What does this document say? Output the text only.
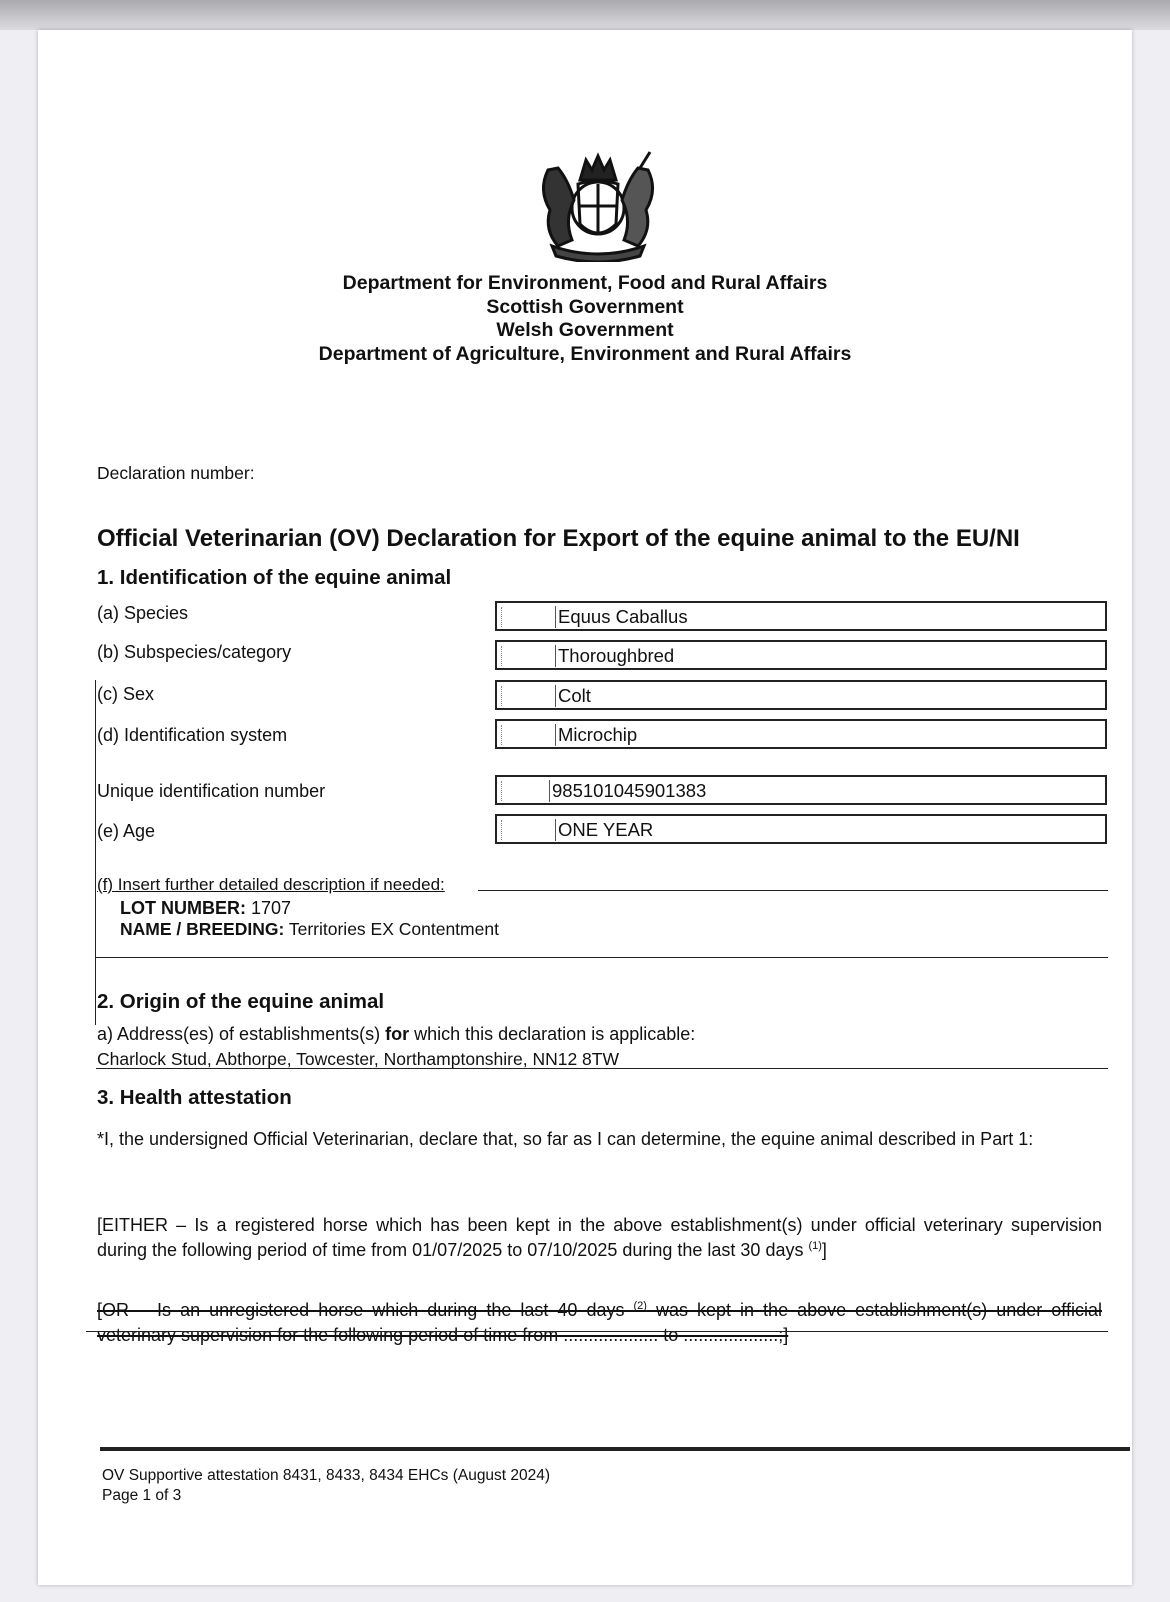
Department for Environment, Food and Rural Affairs
Scottish Government
Welsh Government
Department of Agriculture, Environment and Rural Affairs
Declaration number:
Official Veterinarian (OV) Declaration for Export of the equine animal to the EU/NI
1. Identification of the equine animal
(a) Species	Equus Caballus
(b) Subspecies/category	Thoroughbred
(c) Sex	Colt
(d) Identification system	Microchip
Unique identification number	985101045901383
(e) Age	ONE YEAR
(f) Insert further detailed description if needed:
LOT NUMBER: 1707
NAME / BREEDING: Territories EX Contentment
2. Origin of the equine animal
a) Address(es) of establishments(s) for which this declaration is applicable:
Charlock Stud, Abthorpe, Towcester, Northamptonshire, NN12 8TW
3. Health attestation
*I, the undersigned Official Veterinarian, declare that, so far as I can determine, the equine animal described in Part 1:
[EITHER – Is a registered horse which has been kept in the above establishment(s) under official veterinary supervision during the following period of time from 01/07/2025 to 07/10/2025 during the last 30 days $^{(1)}$]
[OR – Is an unregistered horse which during the last 40 days $^{(2)}$ was kept in the above establishment(s) under official veterinary supervision for the following period of time from ................... to ...................;]
OV Supportive attestation 8431, 8433, 8434 EHCs (August 2024)
Page 1 of 3
